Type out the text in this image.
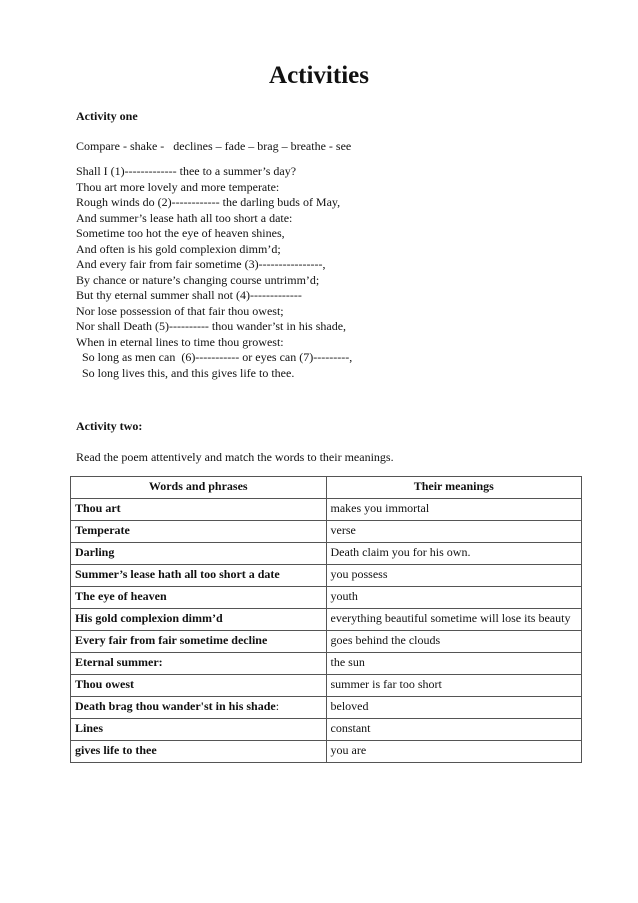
Activities
Activity one
Compare - shake -   declines – fade – brag – breathe - see
Shall I (1)------------- thee to a summer’s day?
Thou art more lovely and more temperate:
Rough winds do (2)------------ the darling buds of May,
And summer’s lease hath all too short a date:
Sometime too hot the eye of heaven shines,
And often is his gold complexion dimm’d;
And every fair from fair sometime (3)----------------,
By chance or nature’s changing course untrimm’d;
But thy eternal summer shall not (4)-------------
Nor lose possession of that fair thou owest;
Nor shall Death (5)---------- thou wander’st in his shade,
When in eternal lines to time thou growest:
So long as men can  (6)----------- or eyes can (7)---------,
So long lives this, and this gives life to thee.
Activity two:
Read the poem attentively and match the words to their meanings.
Words and phrases	Their meanings
Thou art	makes you immortal
Temperate	verse
Darling	Death claim you for his own.
Summer’s lease hath all too short a date	you possess
The eye of heaven	youth
His gold complexion dimm’d	everything beautiful sometime will lose its beauty
Every fair from fair sometime decline	goes behind the clouds
Eternal summer:	the sun
Thou owest	summer is far too short
Death brag thou wander'st in his shade:	beloved
Lines	constant
gives life to thee	you are
